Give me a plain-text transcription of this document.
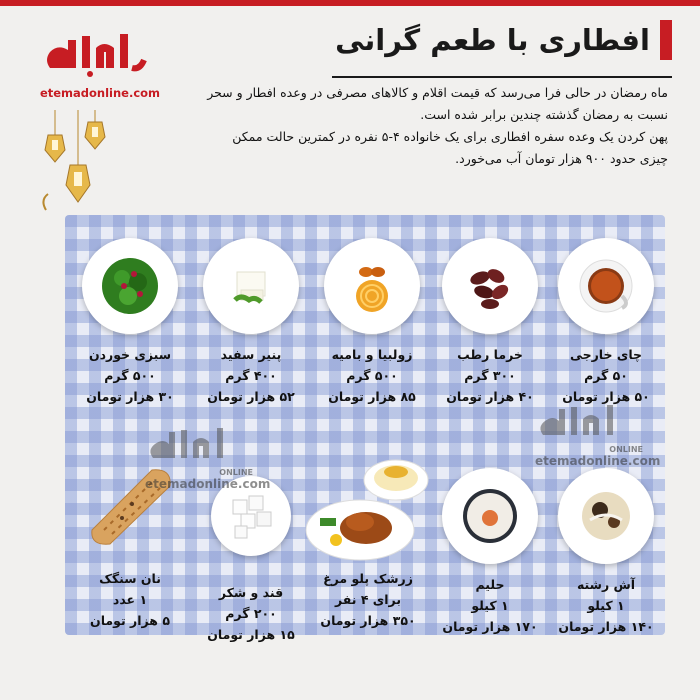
افطاری با طعم گرانی

ماه رمضان در حالی فرا می‌رسد که قیمت اقلام و کالاهای مصرفی در وعده افطار و سحر

نسبت به رمضان گذشته چندین برابر شده است.

پهن کردن یک وعده سفره افطاری برای یک خانواده ۴-۵ نفره در کمترین حالت ممکن

چیزی حدود ۹۰۰ هزار تومان آب می‌خورد.

etemadonline.com
چای خارجی
۵۰ گرم
۵۰ هزار تومان
خرما رطب
۳۰۰ گرم
۴۰ هزار تومان
زولبیا و بامیه
۵۰۰ گرم
۸۵ هزار تومان
پنیر سفید
۴۰۰ گرم
۵۲ هزار تومان
سبزی خوردن
۵۰۰ گرم
۳۰ هزار تومان
آش رشته
۱ کیلو
۱۴۰ هزار تومان
حلیم
۱ کیلو
۱۷۰ هزار تومان
زرشک پلو مرغ
برای ۴ نفر
۳۵۰ هزار تومان
قند و شکر
۲۰۰ گرم
۱۵ هزار تومان
نان سنگک
۱ عدد
۵ هزار تومان
ONLINE
etemadonline.com
ONLINE
etemadonline.com
